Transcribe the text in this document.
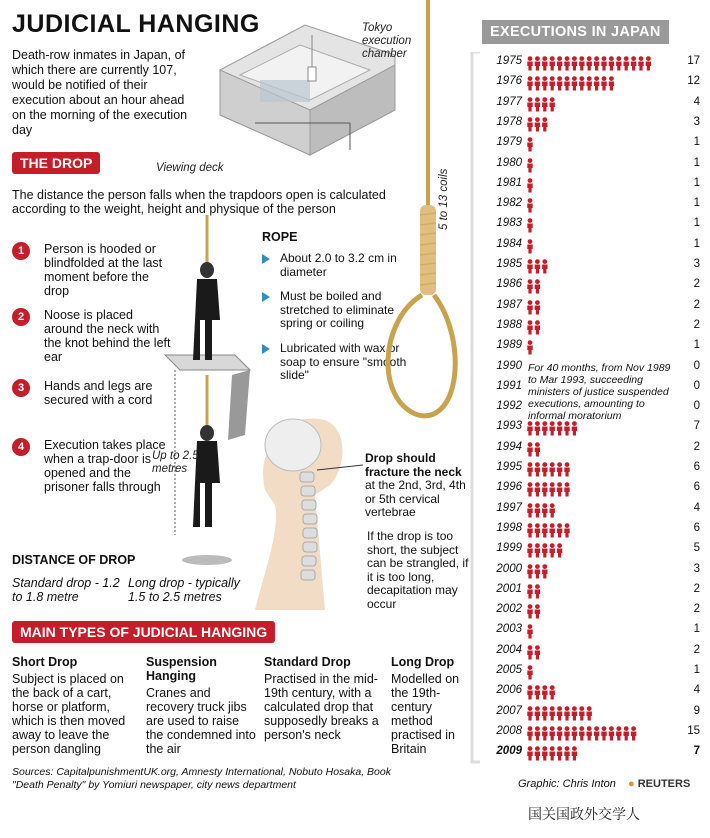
JUDICIAL HANGING
Death-row inmates in Japan, of which there are currently 107, would be notified of their execution about an hour ahead on the morning of the execution day
Tokyo execution chamber
Viewing deck
THE DROP
The distance the person falls when the trapdoors open is calculated according to the weight, height and physique of the person
1	Person is hooded or blindfolded at the last moment before the drop
2	Noose is placed around the neck with the knot behind the left ear
3	Hands and legs are secured with a cord
4	Execution takes place when a trap-door is opened and the prisoner falls through
Up to 2.5 metres
ROPE
About 2.0 to 3.2 cm in diameter
Must be boiled and stretched to eliminate spring or coiling
Lubricated with wax or soap to ensure "smooth slide"
5 to 13 coils
Drop should fracture the neck
at the 2nd, 3rd, 4th or 5th cervical vertebrae
If the drop is too short, the subject can be strangled, if it is too long, decapitation may occur
DISTANCE OF DROP
Standard drop - 1.2 to 1.8 metre
Long drop - typically 1.5 to 2.5 metres
MAIN TYPES OF JUDICIAL HANGING
Short Drop
Subject is placed on the back of a cart, horse or platform, which is then moved away to leave the person dangling
Suspension Hanging
Cranes and recovery truck jibs are used to raise the condemned into the air
Standard Drop
Practised in the mid-19th century, with a calculated drop that supposedly breaks a person's neck
Long Drop
Modelled on the 19th-century method practised in Britain
Sources: CapitalpunishmentUK.org, Amnesty International, Nobuto Hosaka, Book "Death Penalty" by Yomiuri newspaper, city news department
EXECUTIONS IN JAPAN
1975	17
1976	12
1977	4
1978	3
1979	1
1980	1
1981	1
1982	1
1983	1
1984	1
1985	3
1986	2
1987	2
1988	2
1989	1
1990	0
1991	0
1992	0
1993	7
1994	2
1995	6
1996	6
1997	4
1998	6
1999	5
2000	3
2001	2
2002	2
2003	1
2004	2
2005	1
2006	4
2007	9
2008	15
2009	7
For 40 months, from Nov 1989 to Mar 1993, succeeding ministers of justice suspended executions, amounting to informal moratorium
Graphic: Chris Inton ● REUTERS
国关国政外交学人
